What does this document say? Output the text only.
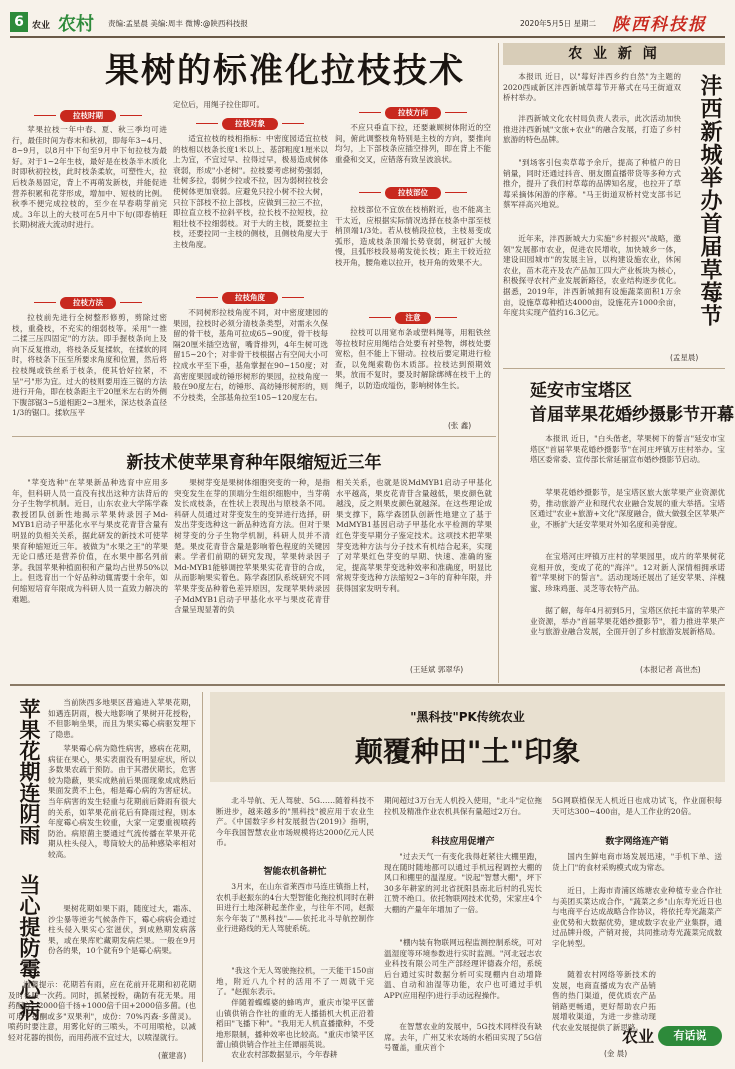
6 农业 农村 责编:孟星晨 美编:周丰 微博:@陕西科技报	2020年5月5日 星期二 陕西科技报
果树的标准化拉枝技术
拉枝时期
苹果拉枝一年中春、夏、秋三季均可进行，最佳时间为春末和秋初，即每年3~4月、8~9月，以8月中下旬至9月中下旬拉枝为最好。对于1~2年生枝，最好是在枝条半木质化时即秋初拉枝，此时枝条柔软，可塑性大，拉后枝条易固定，背上不再萌发新枝，并能促进营养积累和花芽形成，增加中、短枝的比例。秋季不便完成拉枝的，至少在早春萌芽前完成。3年以上的大枝可在5月中下旬(即春梢旺长期)树液大流动时进行。
拉枝方法
拉枝前先进行全树整形修剪，剪除过密枝，重叠枝，不充实的细弱枝等。采用"一推二揉三压四固定"的方法。即手握枝条向上及向下反复推动，将枝条反复揉软，在揉软的同时，将枝条下压至所要求角度和位置，然后将拉枝绳或铁丝系于枝条，使其恰好拉紧，不呈"弓"形为宜。过大的枝则要用连三锯的方法进行开角，即在枝条距主干20厘米左右的外侧下腹部锯3~5道相距2~3厘米，深达枝条直径1/3的锯口。揉软压平
定位后，用绳子拉住即可。
拉枝对象
适宜拉枝的枝相指标：中密度园适宜拉枝的枝相以枝条长度1米以上、基部粗度1厘米以上为宜，不宜过早、拉得过早，极易造成树体衰弱，形成"小老树"。拉枝要考虑树势强弱，壮树多拉，弱树少拉或不拉，因为弱树拉枝会使树体更加衰弱。应避免只拉小树不拉大树，只拉下部枝不拉上部枝，应做到三拉三不拉，即拉直立枝不拉斜平枝，拉长枝不拉短枝，拉粗壮枝不拉细弱枝。对于大的主枝，既要拉主枝，还要拉同一主枝的侧枝，且侧枝角度大于主枝角度。
拉枝角度
不同树形拉枝角度不同，对中密度建园的果园，拉枝时必须分清枝条类型，对需永久保留的骨干枝，基角可拉成65~90度，骨干枝每隔20厘米插空选留，嘴背排列，4年生树可选留15~20个；对非骨干枝根据占有空间大小可拉成水平至下垂，基角掌握在90~150度；对高密度果园或纺锤形树形的果园，拉枝角度一般在90度左右，纺锤形、高纺锤形树形的，则不分枝类，全部基角拉至105~120度左右。
拉枝方向
不应只垂直下拉，还要兼顾树体附近的空间，俯此调整枝角特别是主枝的方向，要推向均匀，上下部枝条应插空排列，即在背上不能重叠和交叉，应错落有致呈波浪状。
拉枝部位
拉枝部位不宜放在枝梢附近，也不能离主干太近，应根据实际情况选择在枝条中部至枝梢顶端1/3处。若从枝梢段拉枝，主枝易变成弧形，造成枝条顶端长势衰弱，树冠扩大缓慢，且弧形枝段易萌发徒长枝；距主干较近拉枝开角，腰角难以拉开，枝开角的效果不大。
注意
拉枝可以用宽布条或塑料绳等，用粗铁丝等拉枝时应用绳结合处要有衬垫物，绑枝处要宽松，但不能上下错动。拉枝后要定期进行检查，以免绳索勒伤木质部。拉枝达到预期效果，放而不复时，要及时解除绑缚在枝干上的绳子，以防造成缢伤，影响树体生长。
(张 鑫)
农 业 新 闻
本报讯 近日，以"莓好沣西乡约自然"为主题的2020西咸新区沣西新城草莓节开幕式在马王街道双桥村举办。
沣西新城文化农村局负责人表示，此次活动加快推进沣西新城"文旅+农业"的融合发展，打造了乡村旅游的特色品牌。
"到场客引包卖草莓予余斤，提高了种植户的日销量，同时还通过抖音、朋友圈直播带货等多种方式推介，提升了我们村草莓的品牌知名度，也拉开了草莓采摘体闲游的序幕。"马王街道双桥村党支部书记蔡军祥高兴地说。
近年来，沣西新城大力实施"乡村振兴"战略，邀领"发展都市农业，促进农民增收，加快城乡一体，建设田园城市"的发展主旨，以构建设施农业，休闲农业，苗木花卉及农产品加工四大产业板块为核心，积极探寻农村产业发展新路径，农业结构逐步优化。据悉，2019年，沣西新城拥有设施蔬菜面积1万余亩，设施草莓种植达4000亩，设施花卉1000余亩，年度共实现产值约16.3亿元。	沣西新城举办首届草莓节
(孟星晨)
延安市宝塔区
首届苹果花婚纱摄影节开幕
本报讯 近日，"白头偕老，苹果树下的誓言"延安市宝塔区"首届苹果花婚纱摄影节"在河庄坪镇万庄村举办。宝塔区委常委、宣传部长常延丽宣布婚纱摄影节启动。
苹果花婚纱摄影节，是宝塔区旅大旅苹果产业资源优势，推动旅游产业和现代农业融合发展的重大举措。宝塔区通过"农业+旅游+文化"深度融合，做大做强全区苹果产业，不断扩大延安苹果对外知名度和美誉度。
在宝塔河庄坪镇万庄村的苹果园里，成片的苹果树花竞相开放，变成了花的"海洋"。12对新人深情相拥承诺着"苹果树下的誓言"。活动现场还展出了延安苹果、洋槐蜜、珍珠鸡蛋、灵芝等农特产品。
据了解，每年4月初到5月，宝塔区依托丰富的苹果产业资源，举办"首届苹果花婚纱摄影节"，着力推进苹果产业与旅游业融合发展，全面开创了乡村旅游发展新格局。
(本报记者 高世杰)
新技术使苹果育种年限缩短近三年
"苹变选种"在苹果新品种选育中应用多年，但科研人员一直没有找出这种方法背后的分子生物学机制。近日，山东农业大学陈学森教授团队创新性地揭示苹果转录因子Md-MYB1启动子甲基化水平与果皮花青苷含量有明显的负相关关系，据此研发的新技术可使苹果育种缩短近三年。被做为"水果之王"的苹果无论口感还是营养价值，在水果中都名列前茅。我国苹果种植面积和产量均占世界50%以上。但选育出一个好品种动辄需要十余年，如何缩短培育年限成为科研人员一直致力解决的难题。
果树芽变是果树体细胞突变的一种，是指突变发生在芽的顶端分生组织细胞中，当芽萌发长成枝条，在性状上表现出与原枝条不同。科研人员通过对芽变发生的变异进行选择，研发出芽变选种这一新品种选育方法。但对于果树芽变的分子生物学机制，科研人员并不清楚。果皮花青苷含量是影响着色程度的关键因素。学者们前期的研究发现，苹果转录因子Md-MYB1能够调控苹果果实花青苷的合成，从而影响果实着色。陈学森团队系统研究不同苹果芽变品种着色差异原因，发现苹果转录因子MdMYB1启动子甲基化水平与果皮花青苷含量呈现显著的负
相关关系，也就是说MdMYB1启动子甲基化水平越高，果皮花青苷含量越低，果皮颜色就越浅，反之则果皮颜色就越深。在这些理论成果支撑下，陈学森团队创新性地建立了基于MdMYB1基因启动子甲基化水平检测的苹果红色芽变早期分子鉴定技术。这项技术把苹果芽变选种方法与分子技术有机结合起来，实现了对苹果红色芽变的早期、快速、准确的鉴定，提高苹果芽变选种效率和准确度，明显比常规芽变选种方法缩短2~3年的育种年限，并获得国家发明专利。
(王延斌 郭翠华)
苹果花期连阴雨
当心提防霉心病
当前陕西多地果区普遍进入苹果花期，如遇连阴雨，极大地影响了果树开花授粉，不但影响坐果，而且为果实霉心病驱发埋下了隐患。
苹果霉心病为隐性病害，感病在花期，病征在果心，果实表面没有明显症状，所以多数果农疏于预防。由于其潜伏期长，危害较为隐蔽，果实成熟前后果面现象成成熟后果面发黄不上色，相是霉心病的为害症状。当年病害的发生轻重与花期前后降雨有很大的关系，如苹果花前花后有降雨过程，则本年度霉心病发生较重，大家一定要重视喷药防治。病原菌主要通过气流传播在苹果开花期从柱头侵入，萼筒较大的品种感染率相对较高。
果树花期如果下雨，随度过大，霜冻、沙尘暴等逆劣气候条件下，霉心病病会通过柱头侵入果实心室滋伏，到成熟期发病落果，或在果库贮藏期发病烂果。一般在9月份各的果，10个就有9个是霉心病果。
温馨提示：花期若有雨，应在花前开花期和初花期及时各喷一次药。同时，抓紧授粉，确防有花无果。用药配方：2000倍千扬+1000倍千田+2000倍多菌。(也可用千扬酮或多"双果利"，成份：70%丙森·多菌灵)。喷药时要注意，用雾化好的三喷头，不可用喷枪，以减轻对花器的损伤，而用药液不宜过大，以喷湿就行。
(董建喜)
"黑科技"PK传统农业
颠覆种田"土"印象
北斗导航、无人驾驶、5G……随着科技不断进步，越来越多的"黑科技"被应用于农业生产。《中国数字乡村发展报告(2019)》指明，今年我国智慧农业市场规模将达2000亿元人民币。
智能农机备耕忙
3月末，在山东省莱西市马连庄镇指上村，农机手赵振东的4台大型智能化拖拉机同时在耕田进行土地深耕起垄作业，与往年不同，赵振东今年装了"黑科技"——依托北斗导航控制作业行进路线的无人驾驶系统。
"我这个无人驾驶拖拉机，一天能干150亩地，附近八九个村的活用不了一周就干完了。"赵振东表示。
伴随着蝶蝶婆的蜂鸣声，重庆市梁平区蕾山镇供销合作社的重的无人播插机大机正沿着稻田"飞播下种"。"我用无人机直播撒种，不受地形限制，播种效率也比较高。"重庆市梁平区蕾山镇供销合作社主任谭丽英说。
农业农村部数据显示，今年春耕
期间超过3万台无人机投入使用，"北斗"定位拖拉机及精准作业农机具保有量超过2万台。
科技应用促增产
"过去天气一有变化我得赶紧往大棚里跑，现在随时随地都可以通过手机远程调控大棚的风口和棚里的温湿度。"说起"智慧大棚"，坪下30多年耕家的河北省抚阳县南北后村的孔宪长江赞不绝口。依托物联网技术优势，宋家庄4个大棚的产量年年增加了一倍。
"棚内装有物联网远程监测控制系统，可对温湿度等环境参数进行实时监测。"河北冠志农业科技有限公司生产部经理评德森介绍，系统后台通过实时数据分析可实现棚内自动增降温、自动和油湿等功能，农户也可通过手机APP(应用程序)进行手动远程操作。
在智慧农业的发展中，5G技术同样没有缺席。去年，广州艾米农场的水稻田实现了5G信号覆盖，重庆首个
5G网联植保无人机近日也成功试飞，作业面积每天可达300~400亩，是人工作业的20倍。
数字网络连产销
国内生鲜电商市场发展迅速，"手机下单、送货上门"的食材采购模式成为常态。
近日，上海市青浦区练塘农业种植专业合作社与美团买菜达成合作，"蔬菜之乡"山东寿光近日也与电商平台达成战略合作协议，将依托寿光蔬菜产业优势和大数据优势，建成数字农业产业集群，通过品牌升级，产销对接，共同推动寿光蔬菜完成数字化转型。
随着农村网络等新技术的发展，电商直播成为农产品销售的热门渠道，使优质农产品销路更畅通，更好帮助农户拓展增收渠道，为进一步推动现代农业发展提供了新思路。
(金 晨)
农业	有话说
